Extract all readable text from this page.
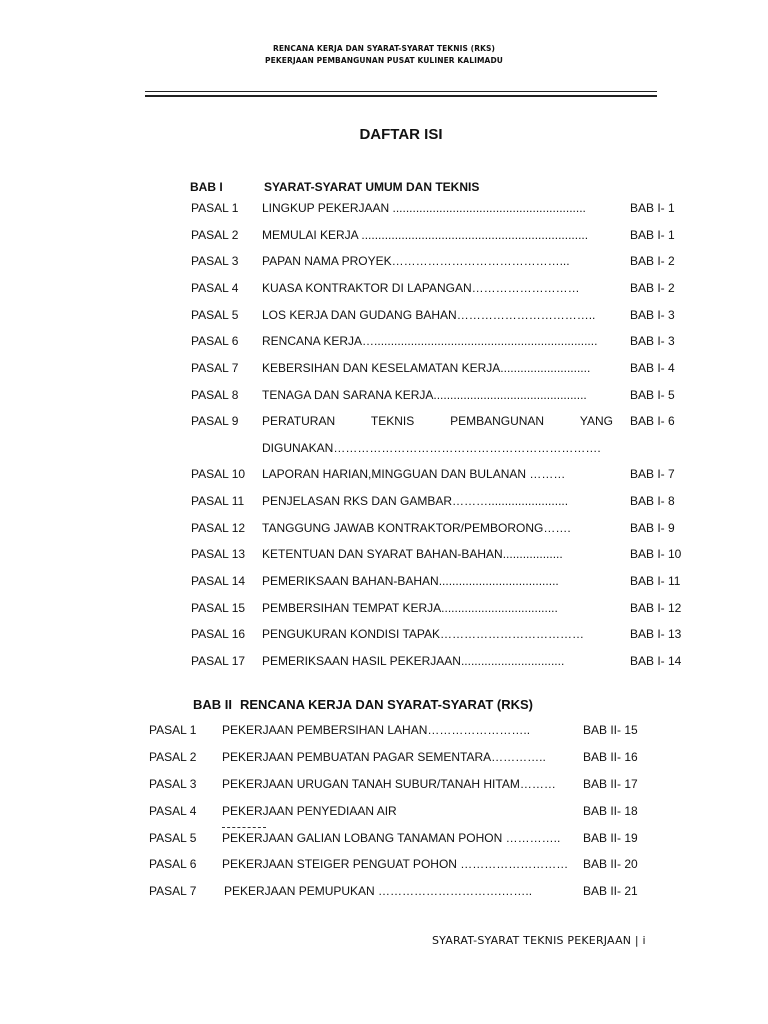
RENCANA KERJA DAN SYARAT-SYARAT TEKNIS (RKS)
PEKERJAAN PEMBANGUNAN PUSAT KULINER KALIMADU
DAFTAR ISI
BAB I	SYARAT-SYARAT UMUM DAN TEKNIS
PASAL 1 LINGKUP PEKERJAAN ..........................................................	BAB I- 1
PASAL 2 MEMULAI KERJA ....................................................................	BAB I- 1
PASAL 3 PAPAN NAMA PROYEK……………………………………...	BAB I- 2
PASAL 4 KUASA KONTRAKTOR DI LAPANGAN………………………	BAB I- 2
PASAL 5 LOS KERJA DAN GUDANG BAHAN……………………………..	BAB I- 3
PASAL 6 RENCANA KERJA…...................................................................	BAB I- 3
PASAL 7 KEBERSIHAN DAN KESELAMATAN KERJA...........................	BAB I- 4
PASAL 8 TENAGA DAN SARANA KERJA..............................................	BAB I- 5
PASAL 9 PERATURAN	TEKNIS	PEMBANGUNAN	YANG BAB I- 6
DIGUNAKAN………………………………………………………….
PASAL 10 LAPORAN HARIAN,MINGGUAN DAN BULANAN ………	BAB I- 7
PASAL 11 PENJELASAN RKS DAN GAMBAR………........................	BAB I- 8
PASAL 12 TANGGUNG JAWAB KONTRAKTOR/PEMBORONG…….	BAB I- 9
PASAL 13 KETENTUAN DAN SYARAT BAHAN-BAHAN..................	BAB I- 10
PASAL 14 PEMERIKSAAN BAHAN-BAHAN....................................	BAB I- 11
PASAL 15 PEMBERSIHAN TEMPAT KERJA...................................	BAB I- 12
PASAL 16 PENGUKURAN KONDISI TAPAK………………………………	BAB I- 13
PASAL 17 PEMERIKSAAN HASIL PEKERJAAN...............................	BAB I- 14
BAB II RENCANA KERJA DAN SYARAT-SYARAT (RKS)
PASAL 1 PEKERJAAN PEMBERSIHAN LAHAN……………………..	BAB II- 15
PASAL 2 PEKERJAAN PEMBUATAN PAGAR SEMENTARA…………..	BAB II- 16
PASAL 3 PEKERJAAN URUGAN TANAH SUBUR/TANAH HITAM……… BAB II- 17
PASAL 4 PEKERJAAN PENYEDIAAN AIR	BAB II- 18
PASAL 5 PEKERJAAN GALIAN LOBANG TANAMAN POHON ………….. BAB II- 19
PASAL 6 PEKERJAAN STEIGER PENGUAT POHON ……………………… BAB II- 20
PASAL 7 PEKERJAAN PEMUPUKAN ………………………….……..	BAB II- 21
SYARAT-SYARAT TEKNIS PEKERJAAN | i
